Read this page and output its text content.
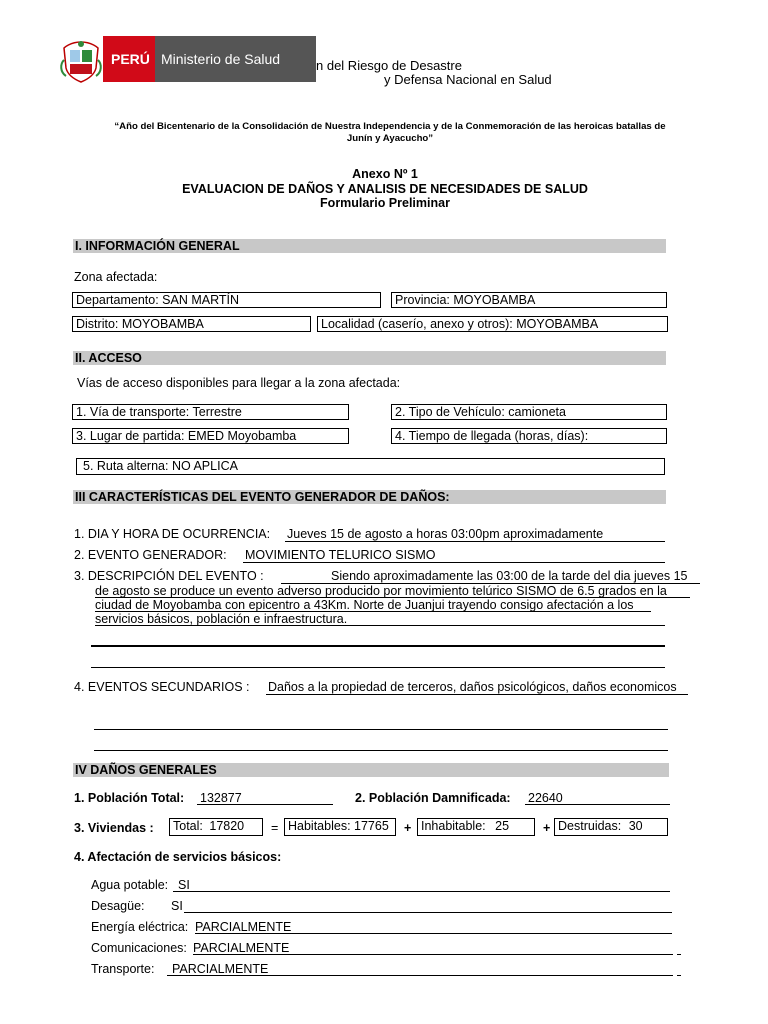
PERÚ Ministerio de Salud	n del Riesgo de Desastre
y Defensa Nacional en Salud
“Año del Bicentenario de la Consolidación de Nuestra Independencia y de la Conmemoración de las heroicas batallas de
Junín y Ayacucho”
Anexo Nº 1
EVALUACION DE DAÑOS Y ANALISIS DE NECESIDADES DE SALUD
Formulario Preliminar
I. INFORMACIÓN GENERAL
Zona afectada:
Departamento: SAN MARTÍN	Provincia: MOYOBAMBA
Distrito: MOYOBAMBA	Localidad (caserío, anexo y otros): MOYOBAMBA
II. ACCESO
Vías de acceso disponibles para llegar a la zona afectada:
1. Vía de transporte: Terrestre	2. Tipo de Vehículo: camioneta
3. Lugar de partida: EMED Moyobamba	4. Tiempo de llegada (horas, días):
5. Ruta alterna: NO APLICA
III CARACTERÍSTICAS DEL EVENTO GENERADOR DE DAÑOS:
1. DIA Y HORA DE OCURRENCIA: Jueves 15 de agosto a horas 03:00pm aproximadamente
2. EVENTO GENERADOR: MOVIMIENTO TELURICO SISMO
3. DESCRIPCIÓN DEL EVENTO :	Siendo aproximadamente las 03:00 de la tarde del dia jueves 15
de agosto se produce un evento adverso producido por movimiento telúrico SISMO de 6.5 grados en la
ciudad de Moyobamba con epicentro a 43Km. Norte de Juanjui trayendo consigo afectación a los
servicios básicos, población e infraestructura.
4. EVENTOS SECUNDARIOS : Daños a la propiedad de terceros, daños psicológicos, daños economicos
IV DAÑOS GENERALES
1. Población Total: 132877	2. Población Damnificada: 22640
3. Viviendas :	Total: 17820	= Habitables: 17765	+ Inhabitable: 25	+ Destruidas: 30
4. Afectación de servicios básicos:
Agua potable: SI
Desagüe: SI
Energía eléctrica: PARCIALMENTE
Comunicaciones: PARCIALMENTE
Transporte: PARCIALMENTE
